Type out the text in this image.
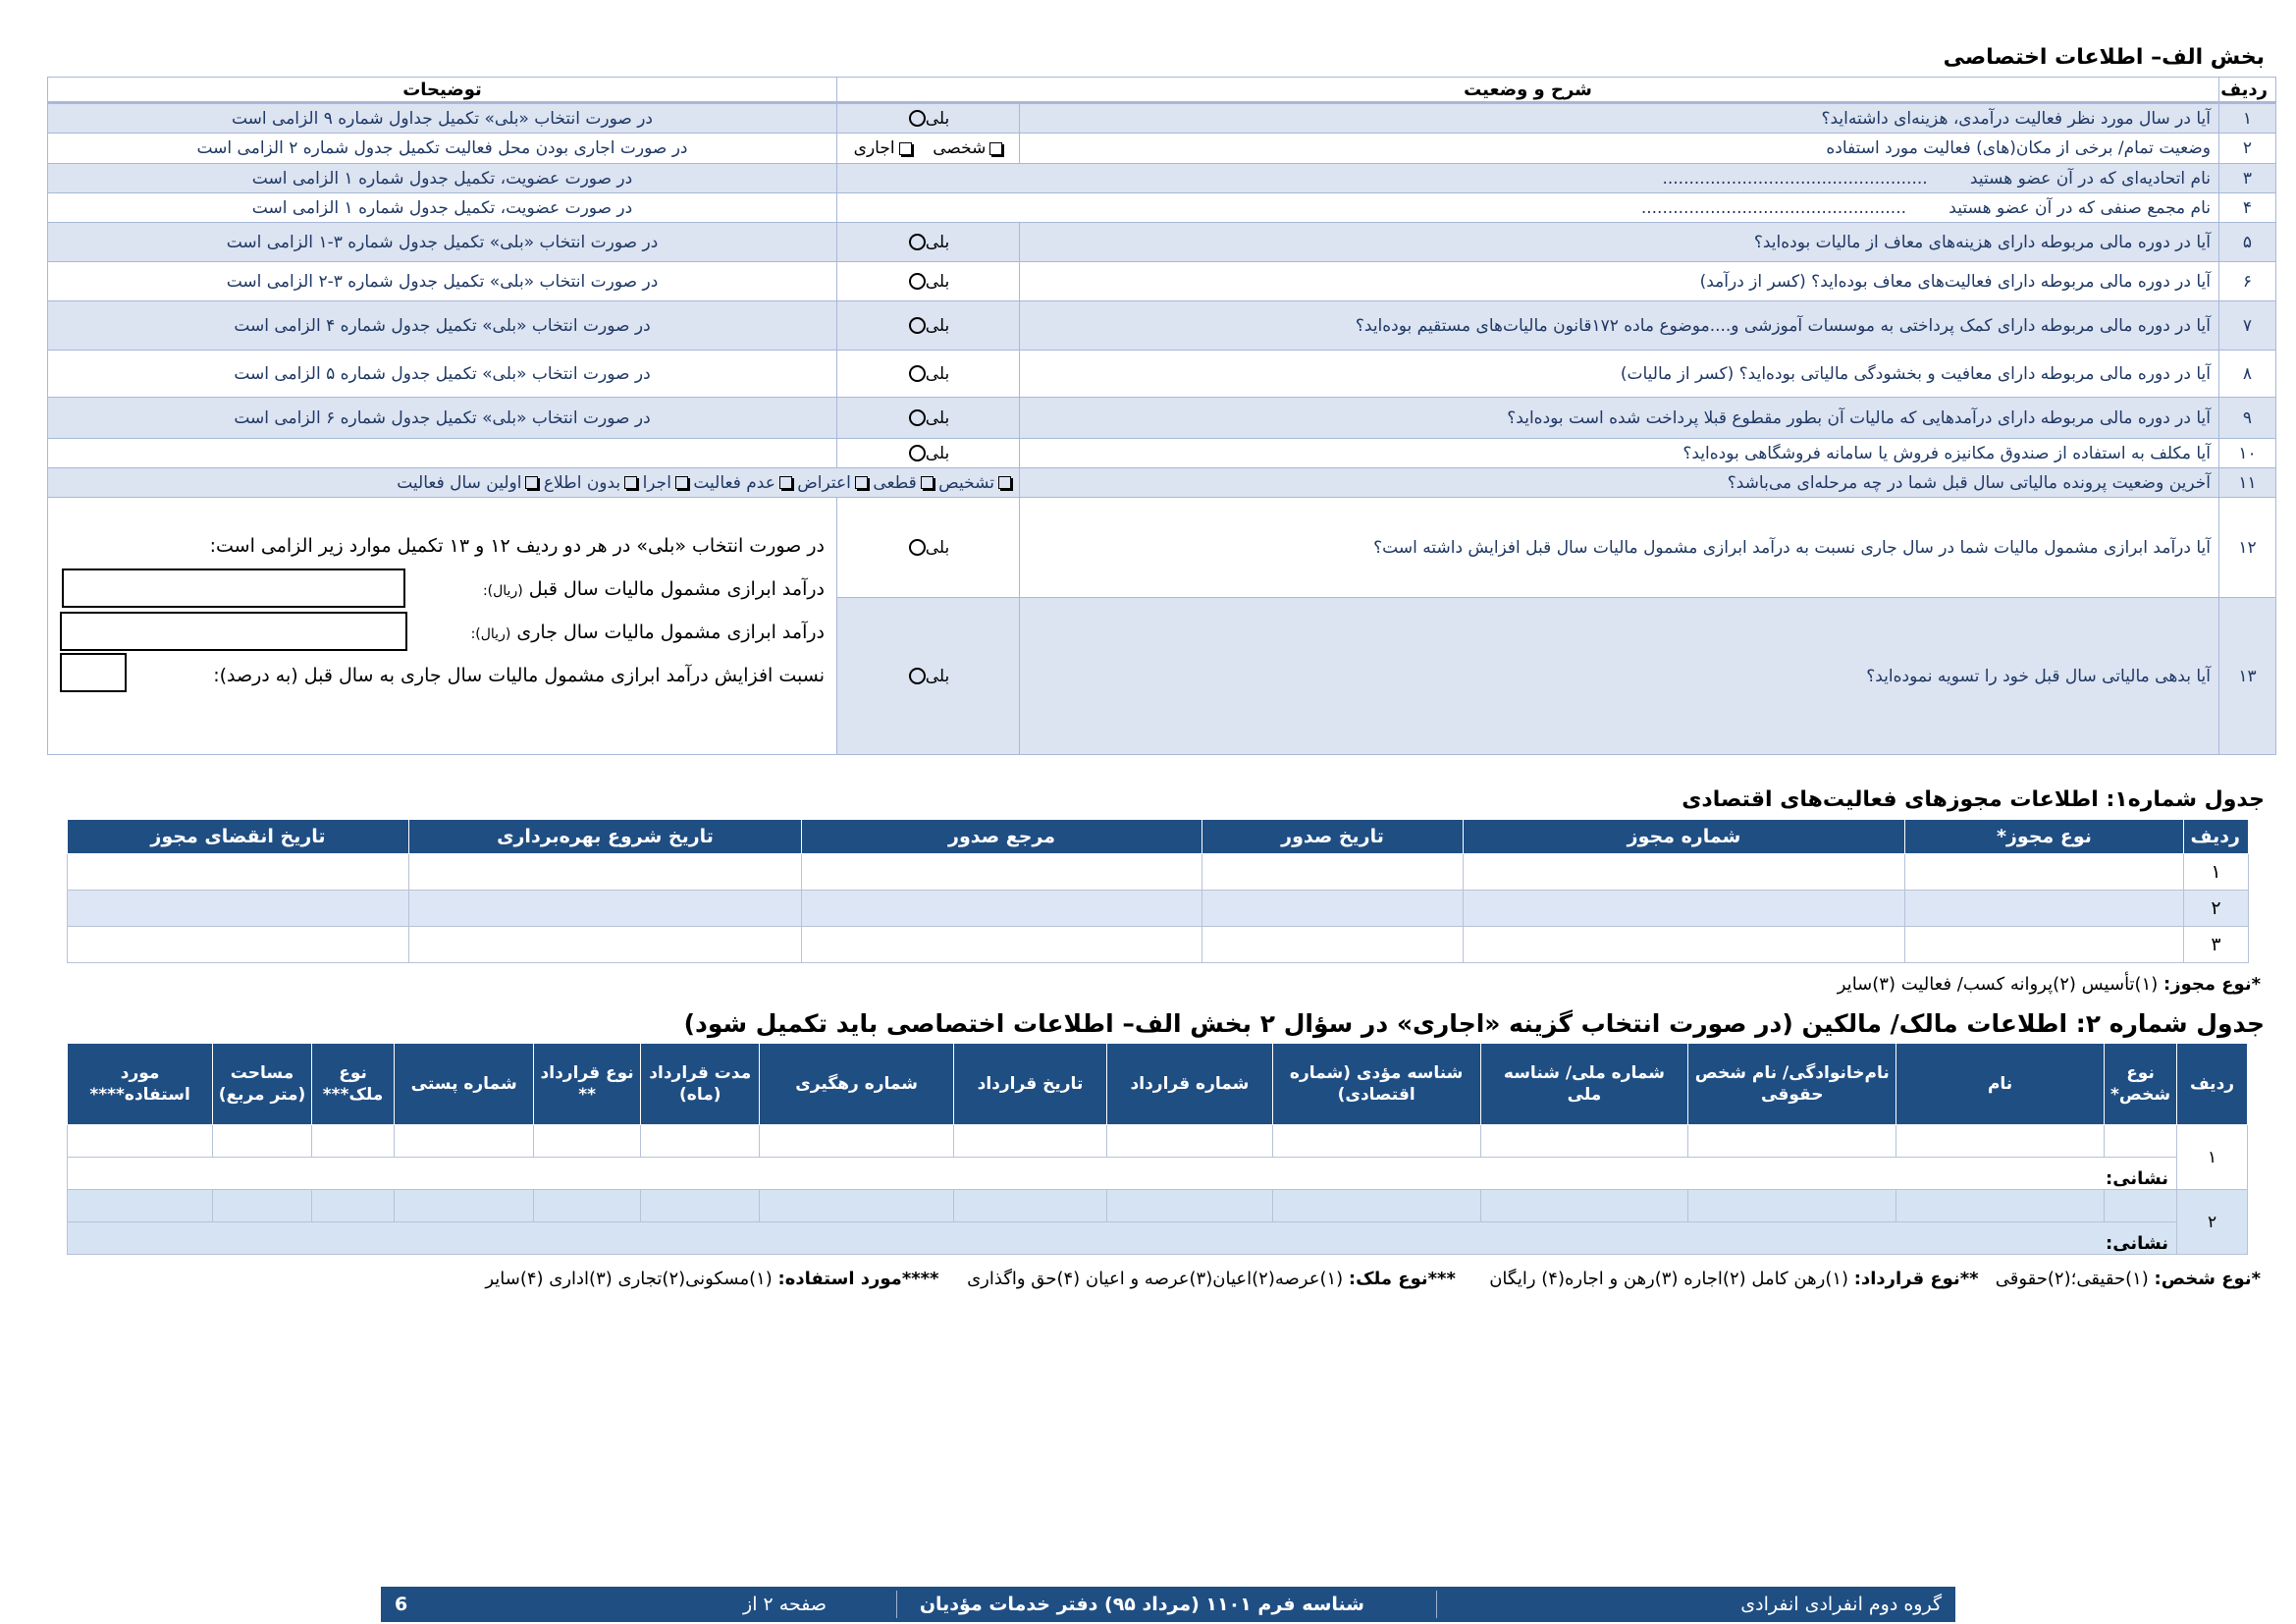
بخش الف– اطلاعات اختصاصی
ردیف	شرح و وضعیت		توضیحات
۱	آیا در سال مورد نظر فعالیت درآمدی، هزینه‌ای داشته‌اید؟	بلی	در صورت انتخاب «بلی» تکمیل جداول شماره ۹ الزامی است
۲	وضعیت تمام/ برخی از مکان(های) فعالیت مورد استفاده	شخصی    اجاری	در صورت اجاری بودن محل فعالیت تکمیل جدول شماره ۲ الزامی است
۳	نام اتحادیه‌ای که در آن عضو هستید        ..................................................		در صورت عضویت، تکمیل جدول شماره ۱ الزامی است
۴	نام مجمع صنفی که در آن عضو هستید        ..................................................		در صورت عضویت، تکمیل جدول شماره ۱ الزامی است
۵	آیا در دوره مالی مربوطه دارای هزینه‌های معاف از مالیات بوده‌اید؟	بلی	در صورت انتخاب «بلی» تکمیل جدول شماره ۳-۱ الزامی است
۶	آیا در دوره مالی مربوطه دارای فعالیت‌های معاف بوده‌اید؟ (کسر از درآمد)	بلی	در صورت انتخاب «بلی» تکمیل جدول شماره ۳-۲ الزامی است
۷	آیا در دوره مالی مربوطه دارای کمک پرداختی به موسسات آموزشی و....موضوع ماده ۱۷۲قانون مالیات‌های مستقیم بوده‌اید؟	بلی	در صورت انتخاب «بلی» تکمیل جدول شماره ۴ الزامی است
۸	آیا در دوره مالی مربوطه دارای معافیت و بخشودگی مالیاتی بوده‌اید؟ (کسر از مالیات)	بلی	در صورت انتخاب «بلی» تکمیل جدول شماره ۵ الزامی است
۹	آیا در دوره مالی مربوطه دارای درآمدهایی که مالیات آن بطور مقطوع قبلا پرداخت شده است بوده‌اید؟	بلی	در صورت انتخاب «بلی» تکمیل جدول شماره ۶ الزامی است
۱۰	آیا مکلف به استفاده از صندوق مکانیزه فروش یا سامانه فروشگاهی بوده‌اید؟	بلی	
۱۱	آخرین وضعیت پرونده مالیاتی سال قبل شما در چه مرحله‌ای می‌باشد؟	تشخیص قطعی اعتراض عدم فعالیت اجرا بدون اطلاع اولین سال فعالیت	
۱۲	آیا درآمد ابرازی مشمول مالیات شما در سال جاری نسبت به درآمد ابرازی مشمول مالیات سال قبل افزایش داشته است؟	بلی	در صورت انتخاب «بلی» در هر دو ردیف ۱۲ و ۱۳ تکمیل موارد زیر الزامی است:
درآمد ابرازی مشمول مالیات سال قبل (ریال):
درآمد ابرازی مشمول مالیات سال جاری (ریال):
نسبت افزایش درآمد ابرازی مشمول مالیات سال جاری به سال قبل (به درصد):

۱۳	آیا بدهی مالیاتی سال قبل خود را تسویه نموده‌اید؟	بلی	
جدول شماره۱: اطلاعات مجوزهای فعالیت‌های اقتصادی
ردیف	نوع مجوز*	شماره مجوز	تاریخ صدور	مرجع صدور	تاریخ شروع بهره‌برداری	تاریخ انقضای مجوز
۱						
۲						
۳						
*نوع مجوز: (۱)تأسیس (۲)پروانه کسب/ فعالیت (۳)سایر
جدول شماره ۲: اطلاعات مالک/ مالکین (در صورت انتخاب گزینه «اجاری» در سؤال ۲ بخش الف– اطلاعات اختصاصی باید تکمیل شود)
ردیف	نوع شخص*	نام	نام‌خانوادگی/ نام شخص حقوقی	شماره ملی/ شناسه ملی	شناسه مؤدی (شماره اقتصادی)	شماره قرارداد	تاریخ قرارداد	شماره رهگیری	مدت قرارداد (ماه)	نوع قرارداد **	شماره پستی	نوع ملک***	مساحت (متر مربع)	مورد استفاده****
۱														
	نشانی:													
۲														
	نشانی:													
*نوع شخص: (۱)حقیقی؛(۲)حقوقی   **نوع قرارداد: (۱)رهن کامل (۲)اجاره (۳)رهن و اجاره(۴) رایگان      ***نوع ملک: (۱)عرصه(۲)اعیان(۳)عرصه و اعیان (۴)حق واگذاری     ****مورد استفاده: (۱)مسکونی(۲)تجاری (۳)اداری (۴)سایر
گروه دوم انفرادی انفرادی
شناسه فرم ۱۱۰۱ (مرداد ۹۵) دفتر خدمات مؤدیان
صفحه ۲ از
6
